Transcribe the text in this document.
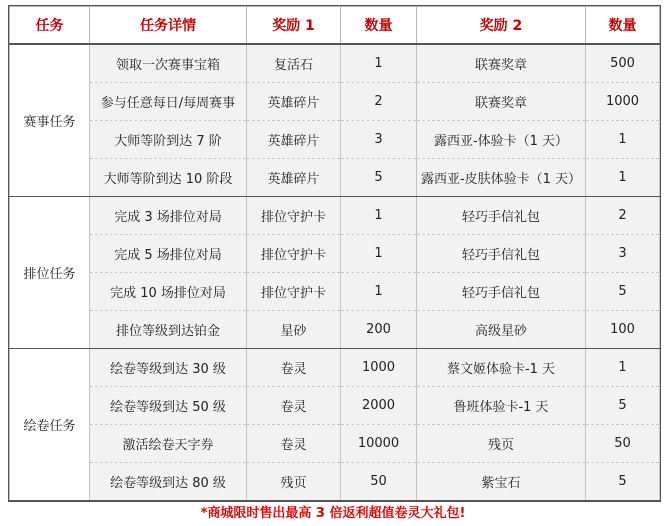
任务	任务详情	奖励 1	数量	奖励 2	数量
赛事任务	领取一次赛事宝箱	复活石	1	联赛奖章	500
	参与任意每日/每周赛事	英雄碎片	2	联赛奖章	1000
	大师等阶到达 7 阶	英雄碎片	3	露西亚-体验卡（1 天）	1
	大师等阶到达 10 阶段	英雄碎片	5	露西亚-皮肤体验卡（1 天）	1
排位任务	完成 3 场排位对局	排位守护卡	1	轻巧手信礼包	2
	完成 5 场排位对局	排位守护卡	1	轻巧手信礼包	3
	完成 10 场排位对局	排位守护卡	1	轻巧手信礼包	5
	排位等级到达铂金	星砂	200	高级星砂	100
绘卷任务	绘卷等级到达 30 级	卷灵	1000	蔡文姬体验卡-1 天	1
	绘卷等级到达 50 级	卷灵	2000	鲁班体验卡-1 天	5
	激活绘卷天字券	卷灵	10000	残页	50
	绘卷等级到达 80 级	残页	50	紫宝石	5
*商城限时售出最高 3 倍返利超值卷灵大礼包!
